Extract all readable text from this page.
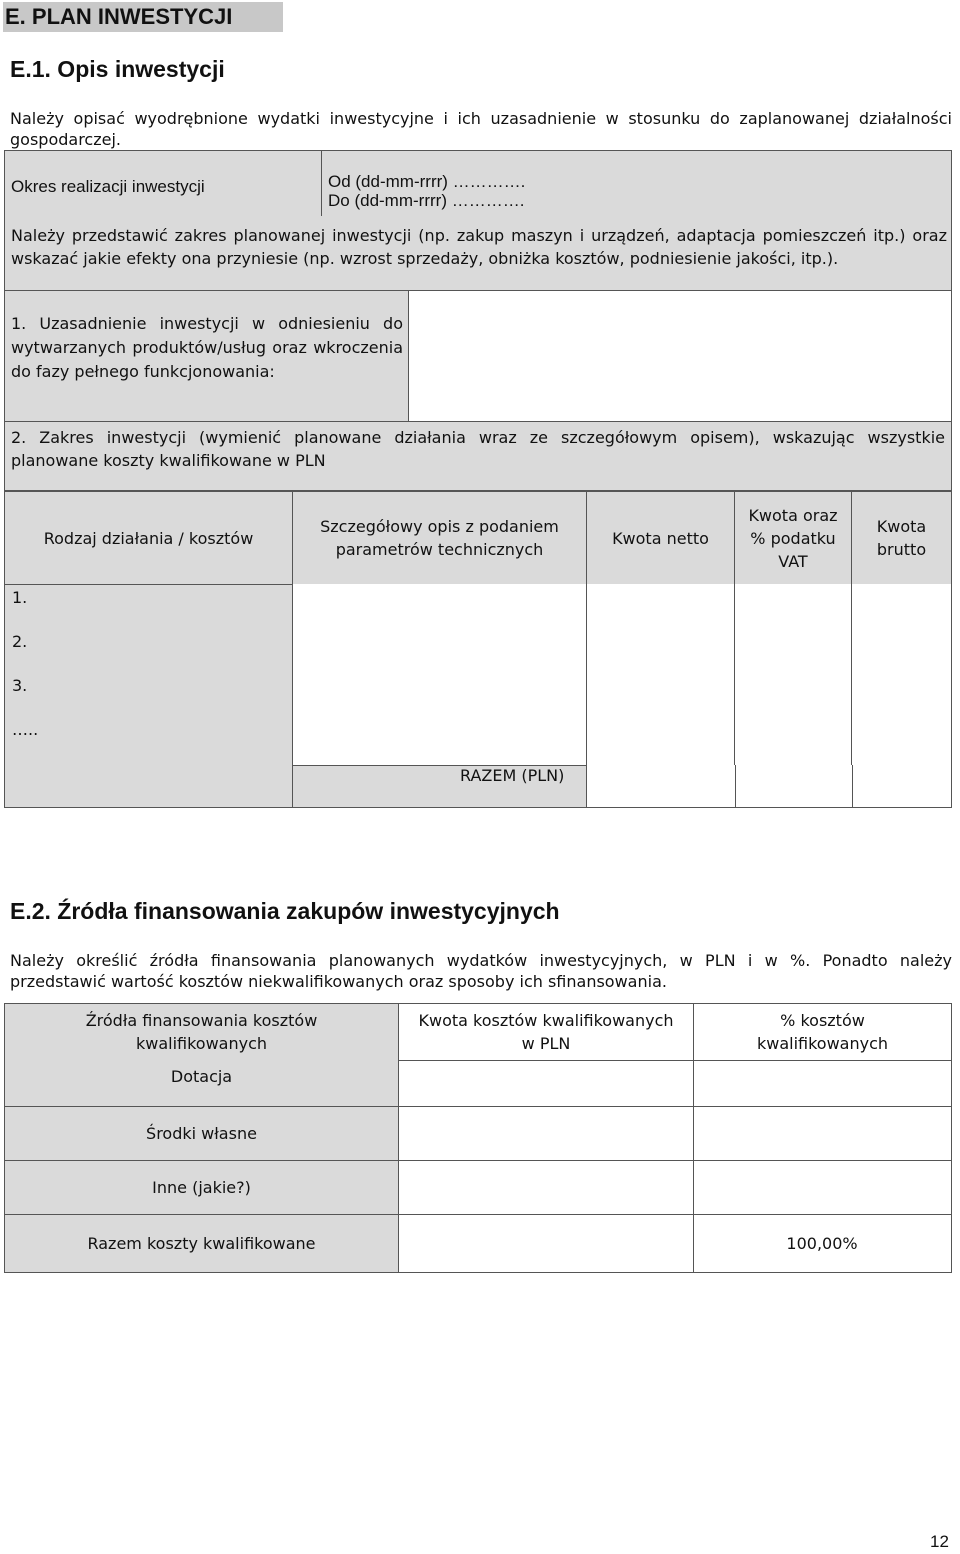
E. PLAN INWESTYCJI
E.1. Opis inwestycji
Należy opisać wyodrębnione wydatki inwestycyjne i ich uzasadnienie w stosunku do zaplanowanej działalności gospodarczej.
Okres realizacji inwestycji	Od (dd-mm-rrrr) ………….
Do (dd-mm-rrrr) ………….
Należy przedstawić zakres planowanej inwestycji (np. zakup maszyn i urządzeń, adaptacja pomieszczeń itp.) oraz wskazać jakie efekty ona przyniesie (np. wzrost sprzedaży, obniżka kosztów, podniesienie jakości, itp.).
1. Uzasadnienie inwestycji w odniesieniu do wytwarzanych produktów/usług oraz wkroczenia do fazy pełnego funkcjonowania:
2. Zakres inwestycji (wymienić planowane działania wraz ze szczegółowym opisem), wskazując wszystkie planowane koszty kwalifikowane w PLN
Rodzaj działania / kosztów
Szczegółowy opis z podaniem parametrów technicznych
Kwota netto
Kwota oraz % podatku VAT
Kwota brutto
1.
2.
3.
…..
RAZEM (PLN)
E.2. Źródła finansowania zakupów inwestycyjnych
Należy określić źródła finansowania planowanych wydatków inwestycyjnych, w PLN i w %. Ponadto należy przedstawić wartość kosztów niekwalifikowanych oraz sposoby ich sfinansowania.
Źródła finansowania kosztów kwalifikowanych
Kwota kosztów kwalifikowanych w PLN
% kosztów kwalifikowanych
Dotacja
Środki własne
Inne (jakie?)
Razem koszty kwalifikowane	100,00%
12
